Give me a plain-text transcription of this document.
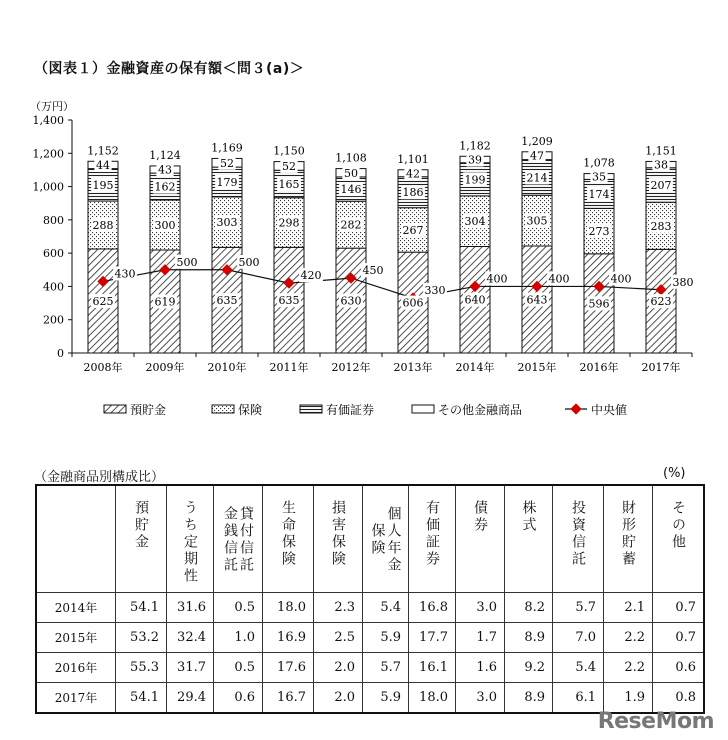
（図表１）金融資産の保有額＜問３(a)＞
（万円）
0
200
400
600
800
1,000
1,200
1,400
625
288
195
44
1,152
2008年
619
300
162
43
1,124
2009年
635
303
179
52
1,169
2010年
635
298
165
52
1,150
2011年
630
282
146
50
1,108
2012年
606
267
186
42
1,101
2013年
640
304
199
39
1,182
2014年
643
305
214
47
1,209
2015年
596
273
174
35
1,078
2016年
623
283
207
38
1,151
2017年
430
500	500
420	450
330
400	400	400	380
預貯金	保険	有価証券	その他金融商品	中央値
（金融商品別構成比）	(%)
	預貯金	うち定期性	貸付信託金銭信託	生命保険	損害保険	個人年金保険	有価証券	債券	株式	投資信託	財形貯蓄	その他
2014年	54.1	31.6	0.5	18.0	2.3	5.4	16.8	3.0	8.2	5.7	2.1	0.7
2015年	53.2	32.4	1.0	16.9	2.5	5.9	17.7	1.7	8.9	7.0	2.2	0.7
2016年	55.3	31.7	0.5	17.6	2.0	5.7	16.1	1.6	9.2	5.4	2.2	0.6
2017年	54.1	29.4	0.6	16.7	2.0	5.9	18.0	3.0	8.9	6.1	1.9	0.8
ReseMom
